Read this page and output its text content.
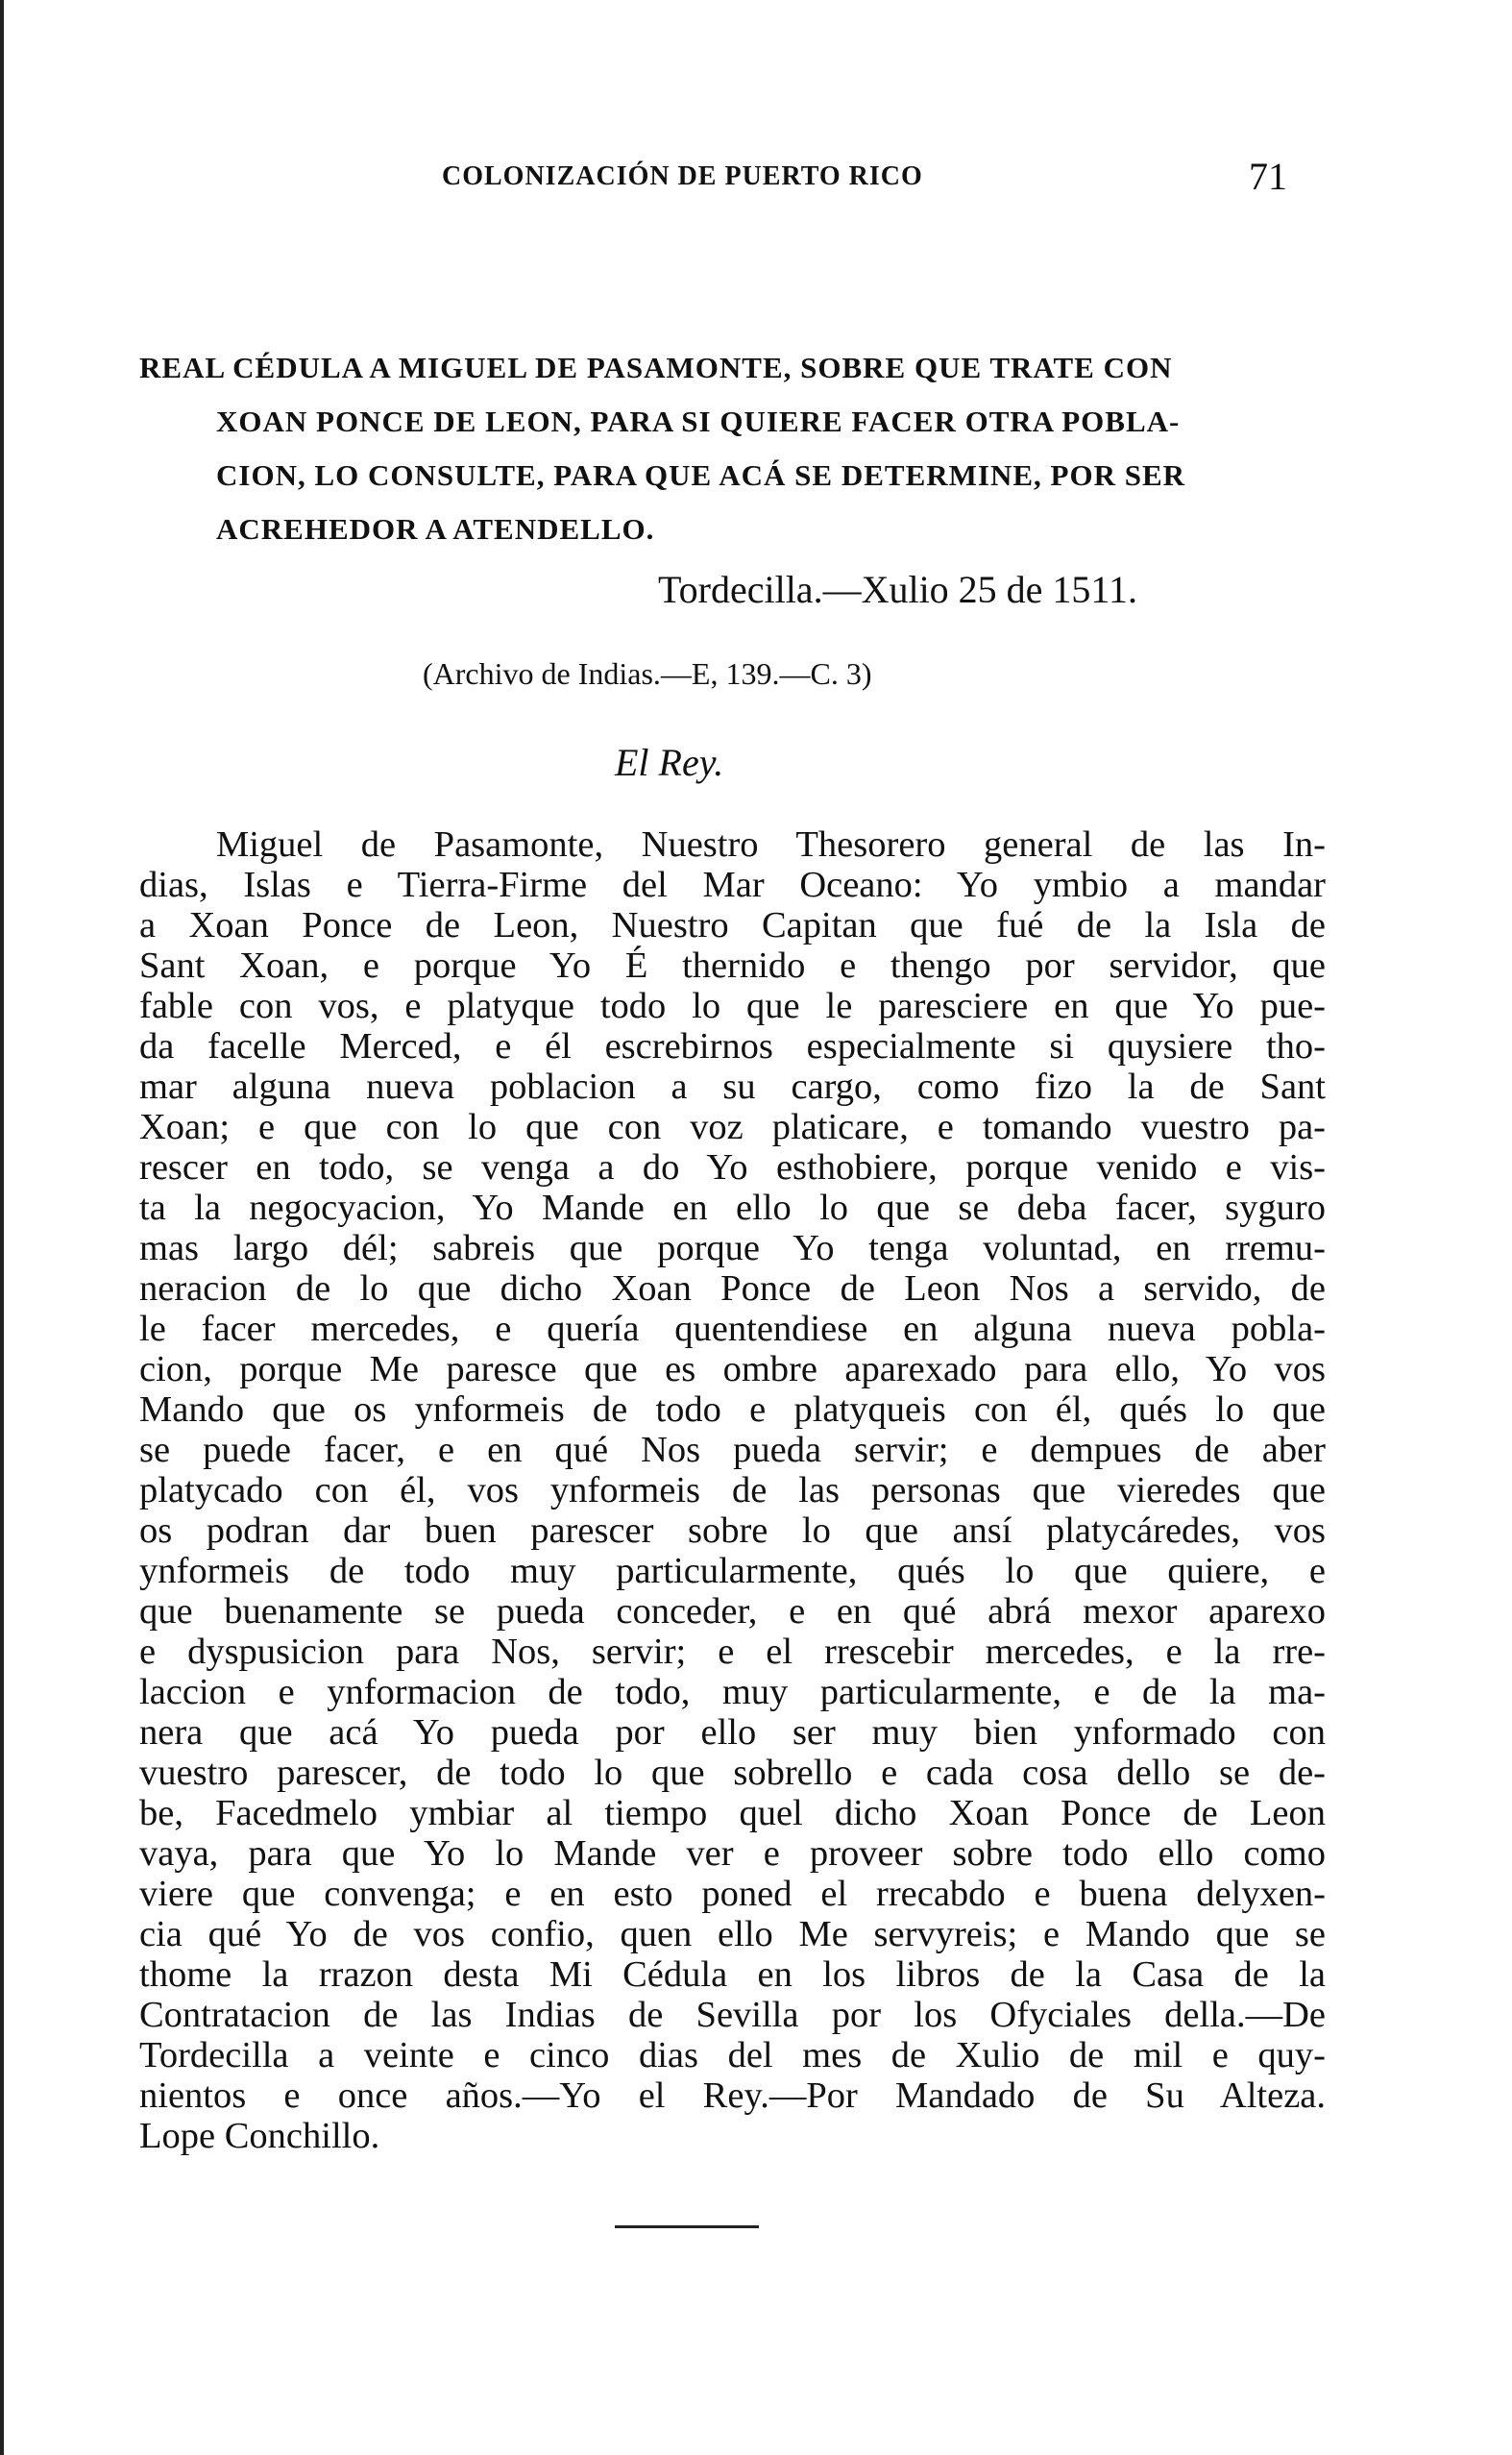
COLONIZACIÓN DE PUERTO RICO	71
REAL CÉDULA A MIGUEL DE PASAMONTE, SOBRE QUE TRATE CON
XOAN PONCE DE LEON, PARA SI QUIERE FACER OTRA POBLA-
CION, LO CONSULTE, PARA QUE ACÁ SE DETERMINE, POR SER
ACREHEDOR A ATENDELLO.
Tordecilla.—Xulio 25 de 1511.
(Archivo de Indias.—E, 139.—C. 3)
El Rey.
Miguel de Pasamonte, Nuestro Thesorero general de las In-
dias, Islas e Tierra-Firme del Mar Oceano: Yo ymbio a mandar
a Xoan Ponce de Leon, Nuestro Capitan que fué de la Isla de
Sant Xoan, e porque Yo É thernido e thengo por servidor, que
fable con vos, e platyque todo lo que le paresciere en que Yo pue-
da facelle Merced, e él escrebirnos especialmente si quysiere tho-
mar alguna nueva poblacion a su cargo, como fizo la de Sant
Xoan; e que con lo que con voz platicare, e tomando vuestro pa-
rescer en todo, se venga a do Yo esthobiere, porque venido e vis-
ta la negocyacion, Yo Mande en ello lo que se deba facer, syguro
mas largo dél; sabreis que porque Yo tenga voluntad, en rremu-
neracion de lo que dicho Xoan Ponce de Leon Nos a servido, de
le facer mercedes, e quería quentendiese en alguna nueva pobla-
cion, porque Me paresce que es ombre aparexado para ello, Yo vos
Mando que os ynformeis de todo e platyqueis con él, qués lo que
se puede facer, e en qué Nos pueda servir; e dempues de aber
platycado con él, vos ynformeis de las personas que vieredes que
os podran dar buen parescer sobre lo que ansí platycáredes, vos
ynformeis de todo muy particularmente, qués lo que quiere, e
que buenamente se pueda conceder, e en qué abrá mexor aparexo
e dyspusicion para Nos, servir; e el rrescebir mercedes, e la rre-
laccion e ynformacion de todo, muy particularmente, e de la ma-
nera que acá Yo pueda por ello ser muy bien ynformado con
vuestro parescer, de todo lo que sobrello e cada cosa dello se de-
be, Facedmelo ymbiar al tiempo quel dicho Xoan Ponce de Leon
vaya, para que Yo lo Mande ver e proveer sobre todo ello como
viere que convenga; e en esto poned el rrecabdo e buena delyxen-
cia qué Yo de vos confio, quen ello Me servyreis; e Mando que se
thome la rrazon desta Mi Cédula en los libros de la Casa de la
Contratacion de las Indias de Sevilla por los Ofyciales della.—De
Tordecilla a veinte e cinco dias del mes de Xulio de mil e quy-
nientos e once años.—Yo el Rey.—Por Mandado de Su Alteza.
Lope Conchillo.
